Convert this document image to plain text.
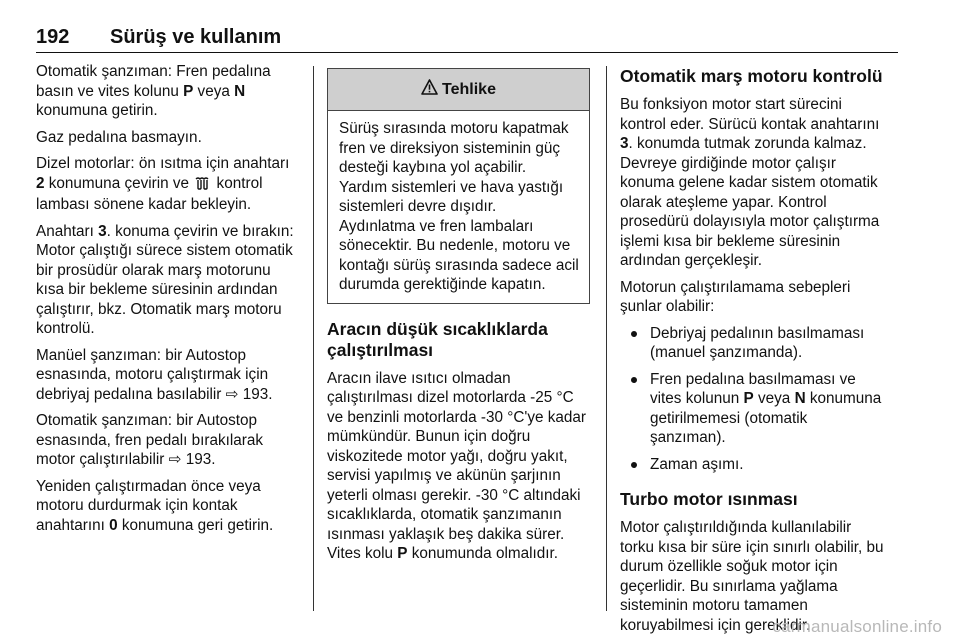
192 Sürüş ve kullanım

Otomatik şanzıman: Fren pedalına basın ve vites kolunu P veya N konumuna getirin.

Gaz pedalına basmayın.

Dizel motorlar: ön ısıtma için anahtarı 2 konumuna çevirin ve  kontrol lambası sönene kadar bekleyin.

Anahtarı 3. konuma çevirin ve bırakın: Motor çalıştığı sürece sistem otomatik bir prosüdür olarak marş motorunu kısa bir bekleme süresinin ardından çalıştırır, bkz. Otomatik marş motoru kontrolü.

Manüel şanzıman: bir Autostop esnasında, motoru çalıştırmak için debriyaj pedalına basılabilir ⇨ 193.

Otomatik şanzıman: bir Autostop esnasında, fren pedalı bırakılarak motor çalıştırılabilir ⇨ 193.

Yeniden çalıştırmadan önce veya motoru durdurmak için kontak anahtarını 0 konumuna geri getirin.

Tehlike

Sürüş sırasında motoru kapatmak fren ve direksiyon sisteminin güç desteği kaybına yol açabilir.

Yardım sistemleri ve hava yastığı sistemleri devre dışıdır.

Aydınlatma ve fren lambaları sönecektir. Bu nedenle, motoru ve kontağı sürüş sırasında sadece acil durumda gerektiğinde kapatın.

Aracın düşük sıcaklıklarda çalıştırılması

Aracın ilave ısıtıcı olmadan çalıştırılması dizel motorlarda -25 °C ve benzinli motorlarda -30 °C'ye kadar mümkündür. Bunun için doğru viskozitede motor yağı, doğru yakıt, servisi yapılmış ve akünün şarjının yeterli olması gerekir. -30 °C altındaki sıcaklıklarda, otomatik şanzımanın ısınması yaklaşık beş dakika sürer. Vites kolu P konumunda olmalıdır.

Otomatik marş motoru kontrolü

Bu fonksiyon motor start sürecini kontrol eder. Sürücü kontak anahtarını 3. konumda tutmak zorunda kalmaz. Devreye girdiğinde motor çalışır konuma gelene kadar sistem otomatik olarak ateşleme yapar. Kontrol prosedürü dolayısıyla motor çalıştırma işlemi kısa bir bekleme süresinin ardından gerçekleşir.

Motorun çalıştırılamama sebepleri şunlar olabilir:

Debriyaj pedalının basılmaması (manuel şanzımanda).
Fren pedalına basılmaması ve vites kolunun P veya N konumuna getirilmemesi (otomatik şanzıman).
Zaman aşımı.
Turbo motor ısınması

Motor çalıştırıldığında kullanılabilir torku kısa bir süre için sınırlı olabilir, bu durum özellikle soğuk motor için geçerlidir. Bu sınırlama yağlama sisteminin motoru tamamen koruyabilmesi için gereklidir.

carmanualsonline.info
